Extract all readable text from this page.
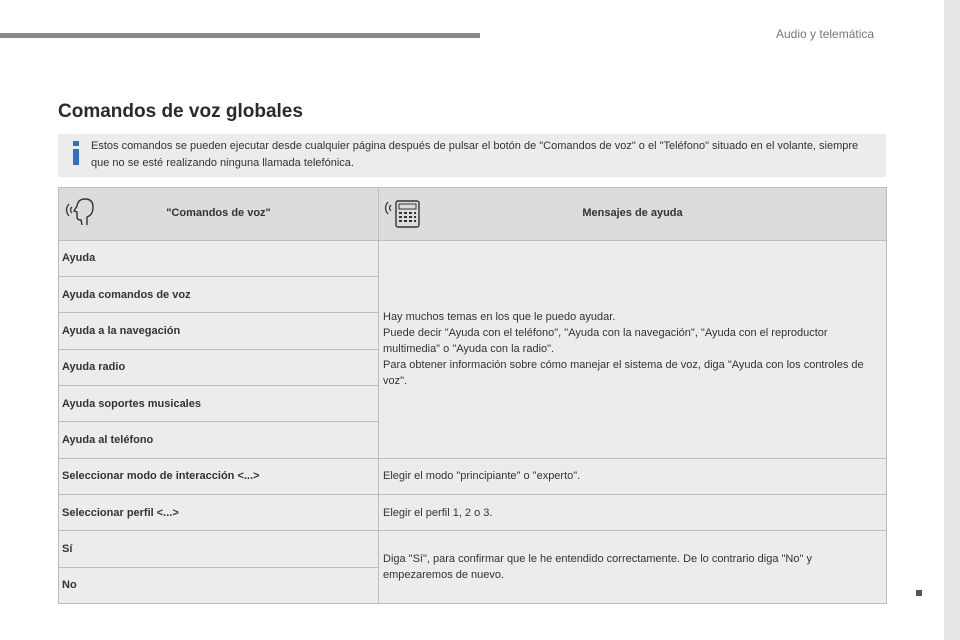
Audio y telemática
Comandos de voz globales

Estos comandos se pueden ejecutar desde cualquier página después de pulsar el botón de "Comandos de voz" o el "Teléfono" situado en el volante, siempre que no se esté realizando ninguna llamada telefónica.

"Comandos de voz"	Mensajes de ayuda

Ayuda	Hay muchos temas en los que le puedo ayudar.
Puede decir "Ayuda con el teléfono", "Ayuda con la navegación", "Ayuda con el reproductor multimedia" o "Ayuda con la radio".
Para obtener información sobre cómo manejar el sistema de voz, diga "Ayuda con los controles de voz".

Ayuda comandos de voz	
Ayuda a la navegación	
Ayuda radio	
Ayuda soportes musicales	
Ayuda al teléfono	
Seleccionar modo de interacción <...>	Elegir el modo "principiante" o "experto".
Seleccionar perfil <...>	Elegir el perfil 1, 2 o 3.
Sí	Diga "Sí", para confirmar que le he entendido correctamente. De lo contrario diga "No" y empezaremos de nuevo.
No	
